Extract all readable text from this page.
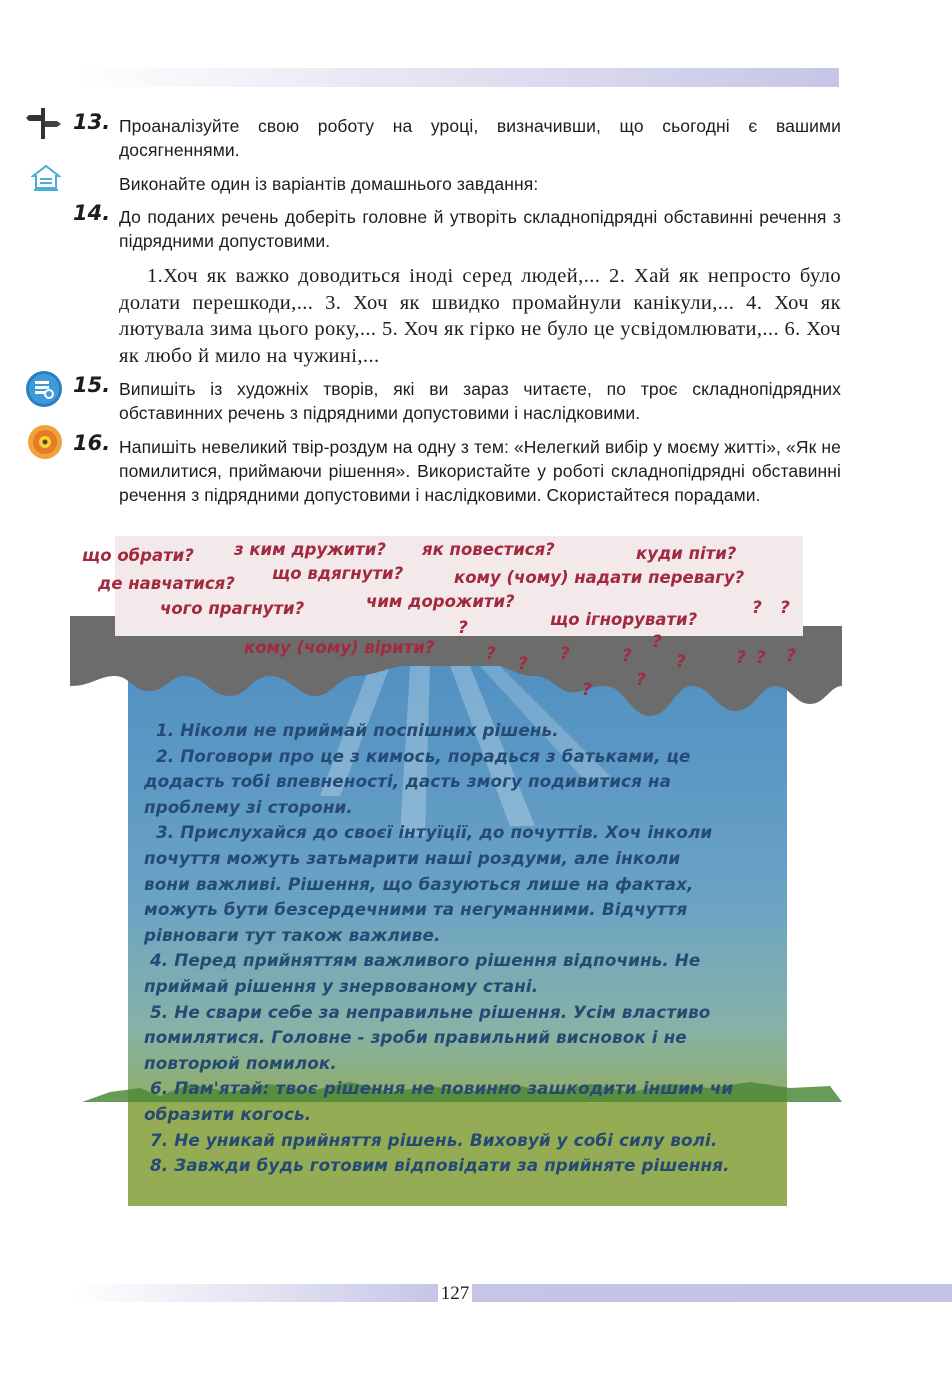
13. Проаналізуйте свою роботу на уроці, визначивши, що сьогодні є вашими досягненнями.
Виконайте один із варіантів домашнього завдання:
14. До поданих речень доберіть головне й утворіть складнопідрядні обставинні речення з підрядними допустовими.
1.Хоч як важко доводиться іноді серед людей,... 2. Хай як непросто було долати перешкоди,... 3. Хоч як швидко промайнули канікули,... 4. Хоч як лютувала зима цього року,... 5. Хоч як гірко не було це усвідомлювати,... 6. Хоч як любо й мило на чужині,...
15. Випишіть із художніх творів, які ви зараз читаєте, по троє складнопідрядних обставинних речень з підрядними допустовими і наслідковими.
16. Напишіть невеликий твір-роздум на одну з тем: «Нелегкий вибір у моєму житті», «Як не помилитися, приймаючи рішення». Використайте у роботі складнопідрядні обставинні речення з підрядними допустовими і наслідковими. Скористайтеся порадами.
що обрати? з ким дружити? як повестися?	куди піти?
де навчатися?
що вдягнути?	кому (чому) надати перевагу?
чого прагнути?	чим дорожити?
що ігнорувати?
кому (чому) вірити?
? ?
?
? ? ?	?
?
?	? ? ?
?	?
1. Ніколи не приймай поспішних рішень.
2. Поговори про це з кимось, порадься з батьками, це
додасть тобі впевненості, дасть змогу подивитися на
проблему зі сторони.
3. Прислухайся до своєї інтуїції, до почуттів. Хоч інколи
почуття можуть затьмарити наші роздуми, але інколи
вони важливі. Рішення, що базуються лише на фактах,
можуть бути безсердечними та негуманними. Відчуття
рівноваги тут також важливе.
4. Перед прийняттям важливого рішення відпочинь. Не
приймай рішення у знервованому стані.
5. Не свари себе за неправильне рішення. Усім властиво
помилятися. Головне - зроби правильний висновок і не
повторюй помилок.
6. Пам'ятай: твоє рішення не повинно зашкодити іншим чи
образити когось.
7. Не уникай прийняття рішень. Виховуй у собі силу волі.
8. Завжди будь готовим відповідати за прийняте рішення.
127
